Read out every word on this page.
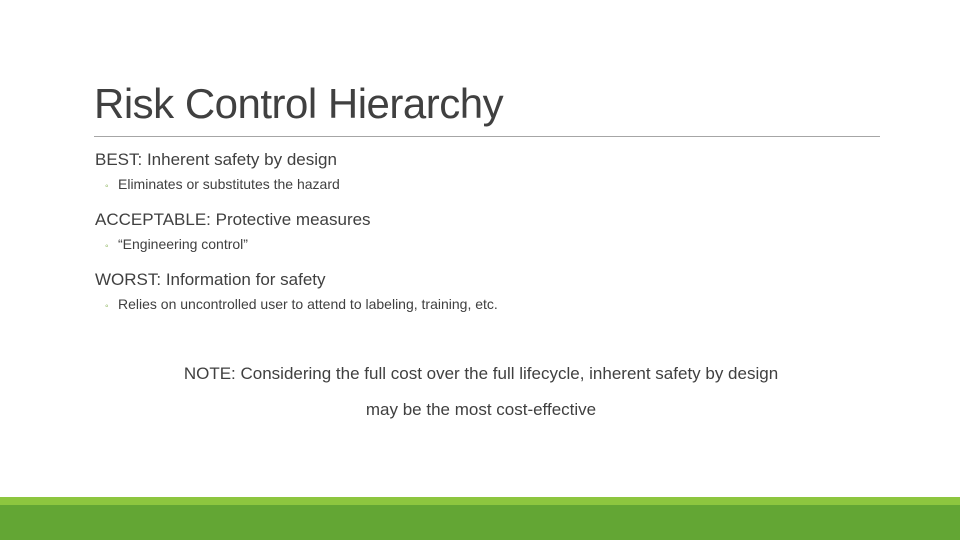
Risk Control Hierarchy
BEST: Inherent safety by design
◦ Eliminates or substitutes the hazard
ACCEPTABLE: Protective measures
◦ “Engineering control”
WORST: Information for safety
◦ Relies on uncontrolled user to attend to labeling, training, etc.
NOTE: Considering the full cost over the full lifecycle, inherent safety by design
may be the most cost-effective
